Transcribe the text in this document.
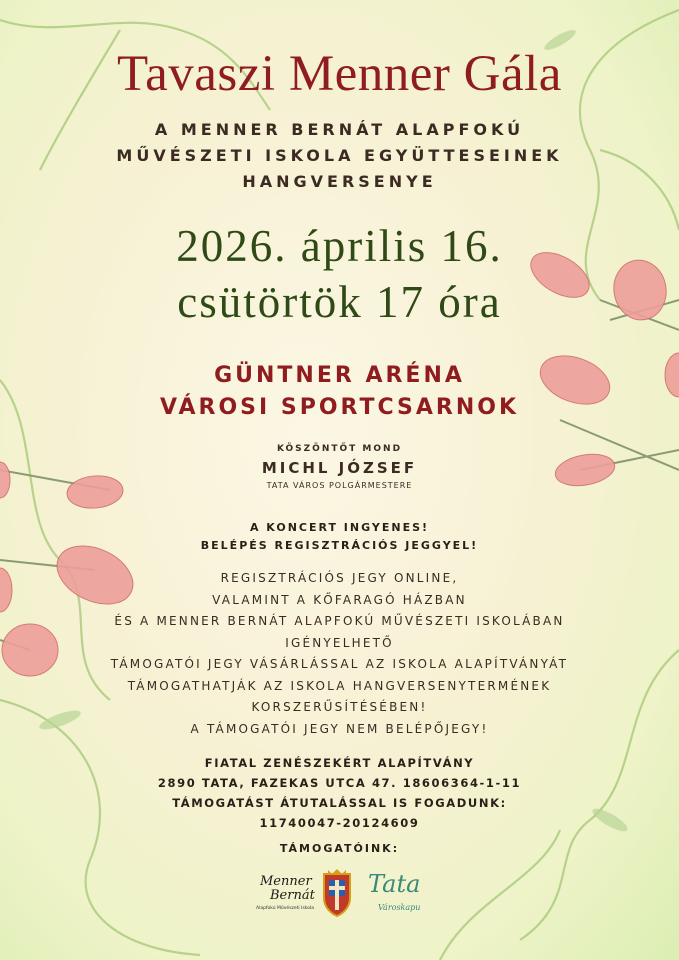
Tavaszi Menner Gála

A MENNER BERNÁT ALAPFOKÚ

MŰVÉSZETI ISKOLA EGYÜTTESEINEK

HANGVERSENYE

2026. április 16.

csütörtök 17 óra

GÜNTNER ARÉNA

VÁROSI SPORTCSARNOK

KÖSZÖNTŐT MOND
MICHL JÓZSEF
TATA VÁROS POLGÁRMESTERE

A KONCERT INGYENES!

BELÉPÉS REGISZTRÁCIÓS JEGGYEL!

REGISZTRÁCIÓS JEGY ONLINE,

VALAMINT A KŐFARAGÓ HÁZBAN

ÉS A MENNER BERNÁT ALAPFOKÚ MŰVÉSZETI ISKOLÁBAN

IGÉNYELHETŐ

TÁMOGATÓI JEGY VÁSÁRLÁSSAL AZ ISKOLA ALAPÍTVÁNYÁT

TÁMOGATHATJÁK AZ ISKOLA HANGVERSENYTERMÉNEK

KORSZERŰSÍTÉSÉBEN!

A TÁMOGATÓI JEGY NEM BELÉPŐJEGY!

FIATAL ZENÉSZEKÉRT ALAPÍTVÁNY

2890 TATA, FAZEKAS UTCA 47. 18606364-1-11

TÁMOGATÁST ÁTUTALÁSSAL IS FOGADUNK:

11740047-20124609

TÁMOGATÓINK:
Menner
Bernát
Alapfokú Művészeti Iskola
Tata
Városkapu
